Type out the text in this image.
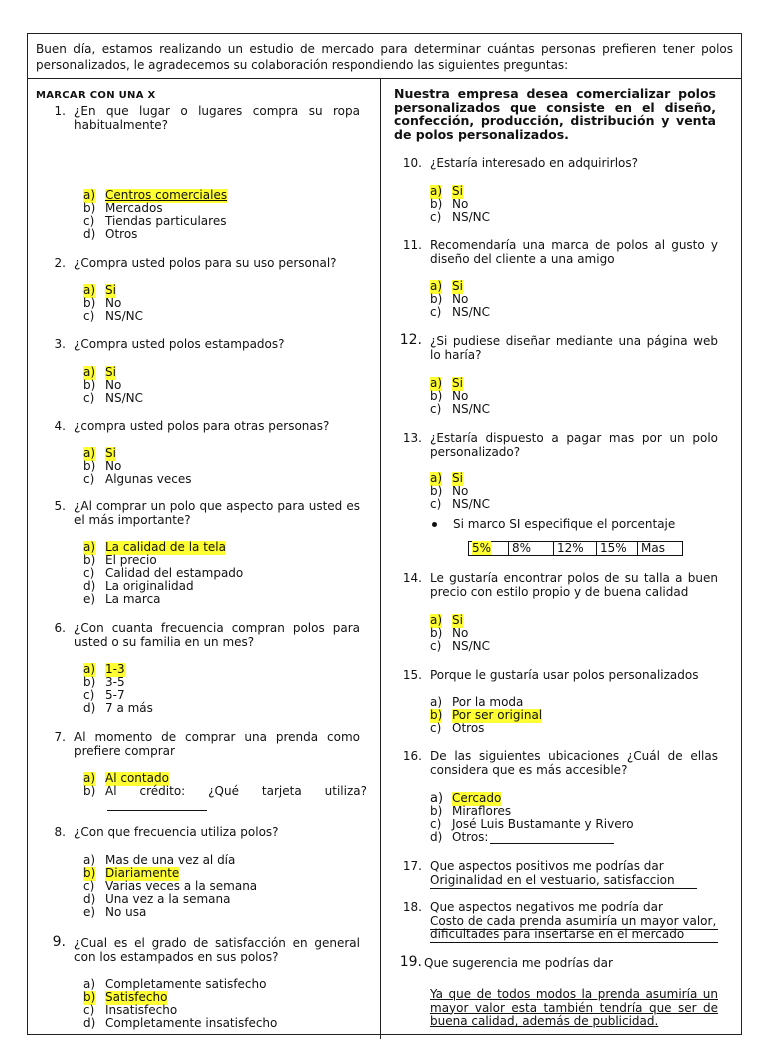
Buen día, estamos realizando un estudio de mercado para determinar cuántas personas prefieren tener polos personalizados, le agradecemos su colaboración respondiendo las siguientes preguntas:
MARCAR CON UNA X
1. ¿En que lugar o lugares compra su ropa habitualmente?
a) Centros comerciales
b) Mercados
c) Tiendas particulares
d) Otros
2. ¿Compra usted polos para su uso personal?
a) Si
b) No
c) NS/NC
3. ¿Compra usted polos estampados?
a) Si
b) No
c) NS/NC
4. ¿compra usted polos para otras personas?
a) Si
b) No
c) Algunas veces
5. ¿Al comprar un polo que aspecto para usted es el más importante?
a) La calidad de la tela
b) El precio
c) Calidad del estampado
d) La originalidad
e) La marca
6. ¿Con cuanta frecuencia compran polos para usted o su familia en un mes?
a) 1-3
b) 3-5
c) 5-7
d) 7 a más
7. Al momento de comprar una prenda como prefiere comprar
a) Al contado
b) Al crédito: ¿Qué tarjeta utiliza?
8. ¿Con que frecuencia utiliza polos?
a) Mas de una vez al día
b) Diariamente
c) Varias veces a la semana
d) Una vez a la semana
e) No usa
9. ¿Cual es el grado de satisfacción en general con los estampados en sus polos?
a) Completamente satisfecho
b) Satisfecho
c) Insatisfecho
d) Completamente insatisfecho
Nuestra empresa desea comercializar polos personalizados que consiste en el diseño, confección, producción, distribución y venta de polos personalizados.
10. ¿Estaría interesado en adquirirlos?
a) Si
b) No
c) NS/NC
11. Recomendaría una marca de polos al gusto y diseño del cliente a una amigo
a) Si
b) No
c) NS/NC
12. ¿Si pudiese diseñar mediante una página web lo haría?
a) Si
b) No
c) NS/NC
13. ¿Estaría dispuesto a pagar mas por un polo personalizado?
a) Si
b) No
c) NS/NC
Si marco SI especifique el porcentaje
5%	8%	12%	15%	Mas
14. Le gustaría encontrar polos de su talla a buen precio con estilo propio y de buena calidad
a) Si
b) No
c) NS/NC
15. Porque le gustaría usar polos personalizados
a) Por la moda
b) Por ser original
c) Otros
16. De las siguientes ubicaciones ¿Cuál de ellas considera que es más accesible?
a) Cercado
b) Miraflores
c) José Luis Bustamante y Rivero
d) Otros:
17. Que aspectos positivos me podrías dar
Originalidad en el vestuario, satisfaccion
18. Que aspectos negativos me podría dar
Costo de cada prenda asumiría un mayor valor,
dificultades para insertarse en el mercado
19. Que sugerencia me podrías dar
Ya que de todos modos la prenda asumiría un mayor valor esta también tendría que ser de buena calidad, además de publicidad.
